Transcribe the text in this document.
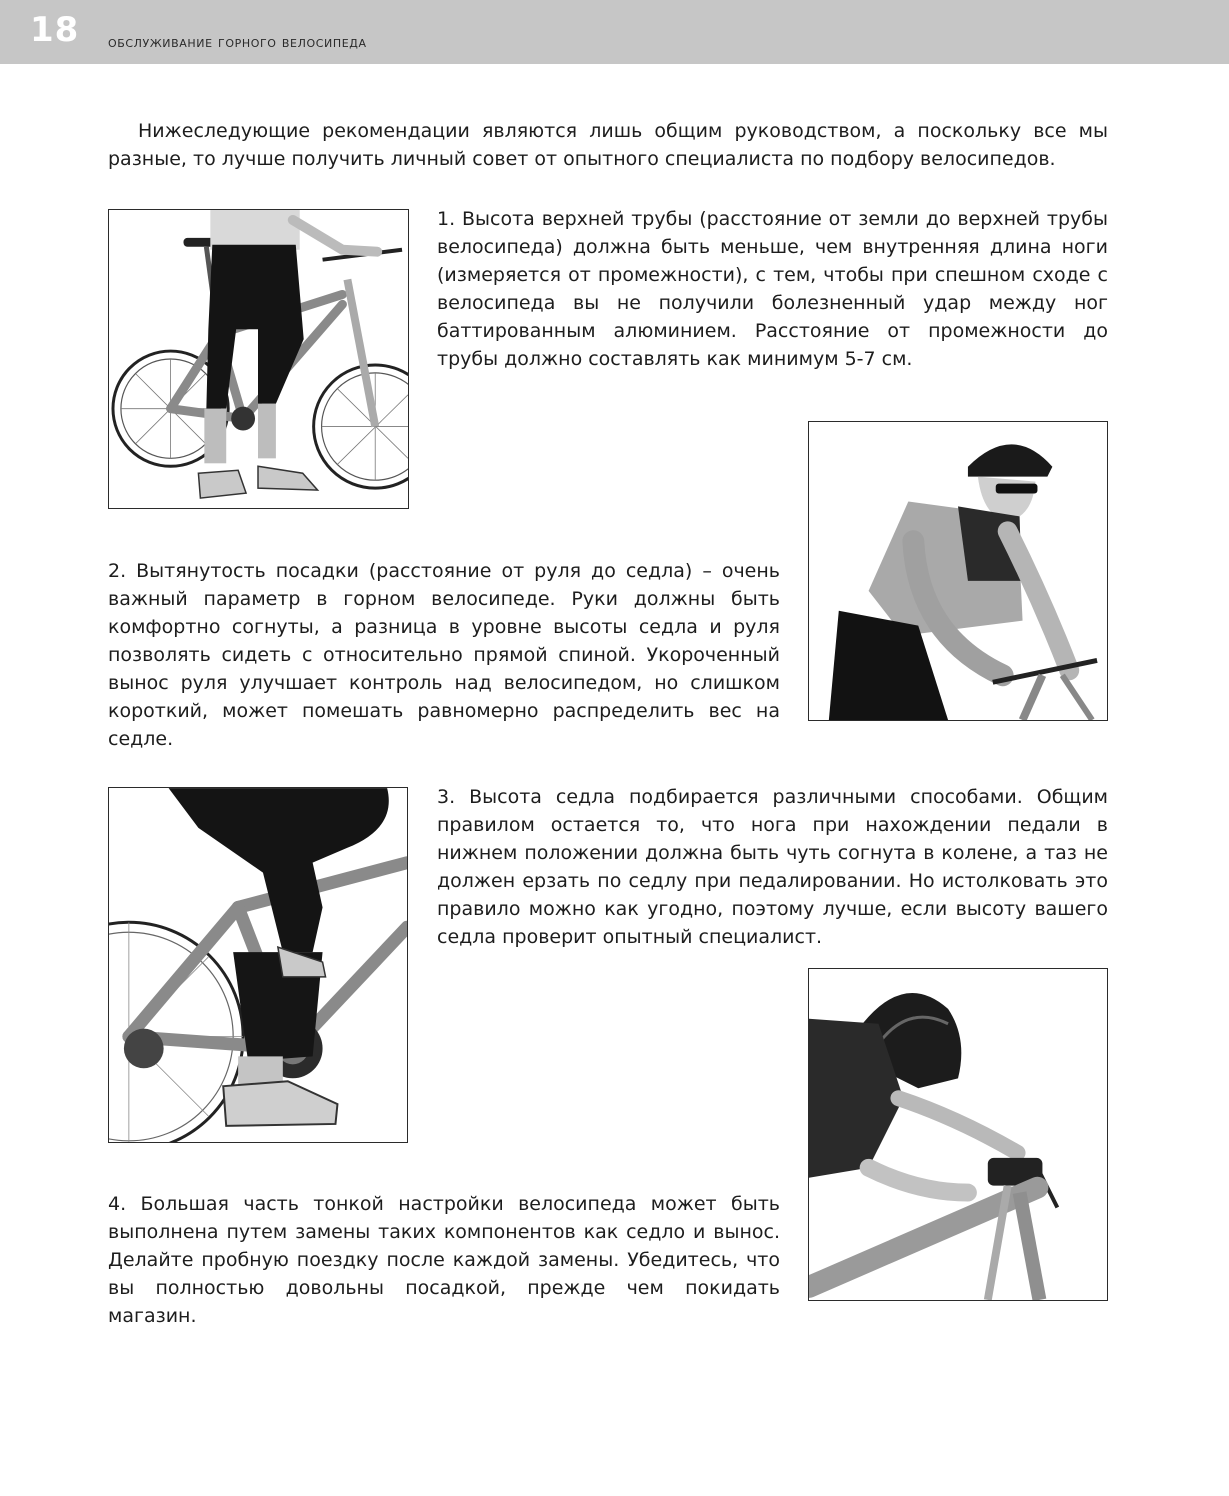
18 обслуживание горного велосипеда

Нижеследующие рекомендации являются лишь общим руководством, а поскольку все мы разные, то лучше получить личный совет от опытного специалиста по подбору велосипедов.

1. Высота верхней трубы (расстояние от земли до верхней трубы велосипеда) должна быть меньше, чем внутренняя длина ноги (измеряется от промежности), с тем, чтобы при спешном сходе с велосипеда вы не получили болезненный удар между ног баттированным алюминием. Расстояние от промежности до трубы должно составлять как минимум 5-7 см.

2. Вытянутость посадки (расстояние от руля до седла) – очень важный параметр в горном велосипеде. Руки должны быть комфортно согнуты, а разница в уровне высоты седла и руля позволять сидеть с относительно прямой спиной. Укороченный вынос руля улучшает контроль над велосипедом, но слишком короткий, может помешать равномерно распределить вес на седле.

3. Высота седла подбирается различными способами. Общим правилом остается то, что нога при нахождении педали в нижнем положении должна быть чуть согнута в колене, а таз не должен ерзать по седлу при педалировании. Но истолковать это правило можно как угодно, поэтому лучше, если высоту вашего седла проверит опытный специалист.

4. Большая часть тонкой настройки велосипеда может быть выполнена путем замены таких компонентов как седло и вынос. Делайте пробную поездку после каждой замены. Убедитесь, что вы полностью довольны посадкой, прежде чем покидать магазин.
